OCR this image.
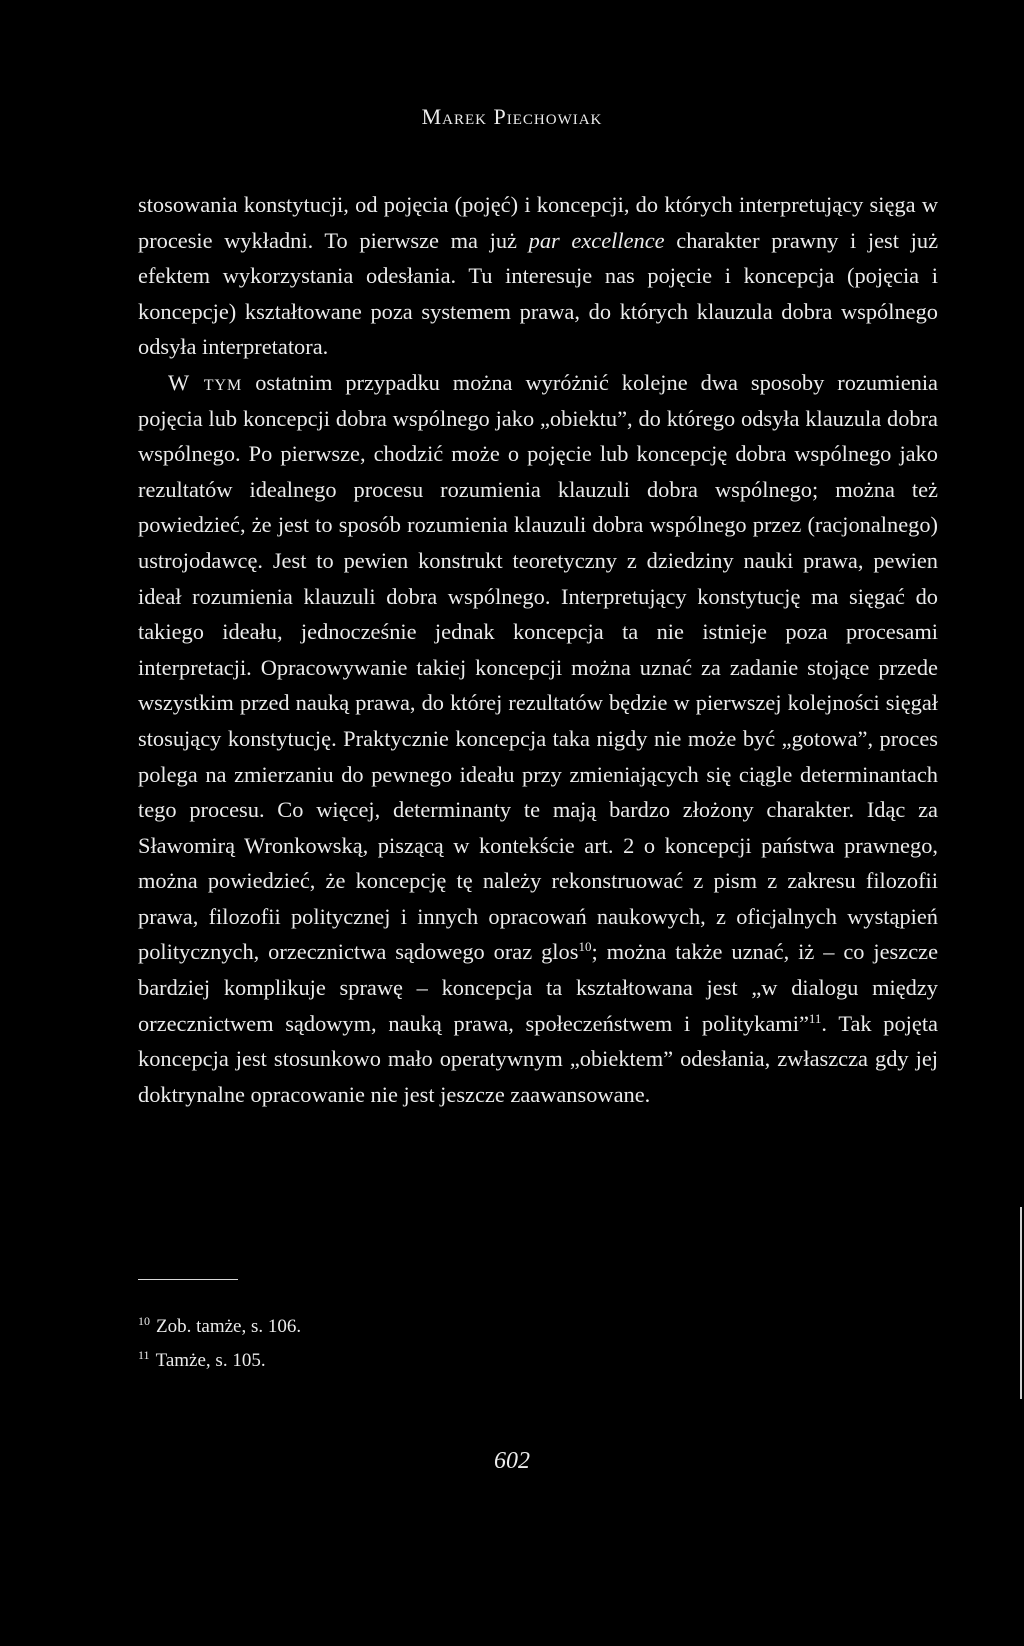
Marek Piechowiak

stosowania konstytucji, od pojęcia (pojęć) i koncepcji, do których interpretujący sięga w procesie wykładni. To pierwsze ma już par excellence charakter prawny i jest już efektem wykorzystania odesłania. Tu interesuje nas pojęcie i koncepcja (pojęcia i koncepcje) kształtowane poza systemem prawa, do których klauzula dobra wspólnego odsyła interpretatora.

W tym ostatnim przypadku można wyróżnić kolejne dwa sposoby rozumienia pojęcia lub koncepcji dobra wspólnego jako „obiektu”, do którego odsyła klauzula dobra wspólnego. Po pierwsze, chodzić może o pojęcie lub koncepcję dobra wspólnego jako rezultatów idealnego procesu rozumienia klauzuli dobra wspólnego; można też powiedzieć, że jest to sposób rozumienia klauzuli dobra wspólnego przez (racjonalnego) ustrojodawcę. Jest to pewien konstrukt teoretyczny z dziedziny nauki prawa, pewien ideał rozumienia klauzuli dobra wspólnego. Interpretujący konstytucję ma sięgać do takiego ideału, jednocześnie jednak koncepcja ta nie istnieje poza procesami interpretacji. Opracowywanie takiej koncepcji można uznać za zadanie stojące przede wszystkim przed nauką prawa, do której rezultatów będzie w pierwszej kolejności sięgał stosujący konstytucję. Praktycznie koncepcja taka nigdy nie może być „gotowa”, proces polega na zmierzaniu do pewnego ideału przy zmieniających się ciągle determinantach tego procesu. Co więcej, determinanty te mają bardzo złożony charakter. Idąc za Sławomirą Wronkowską, piszącą w kontekście art. 2 o koncepcji państwa prawnego, można powiedzieć, że koncepcję tę należy rekonstruować z pism z zakresu filozofii prawa, filozofii politycznej i innych opracowań naukowych, z oficjalnych wystąpień politycznych, orzecznictwa sądowego oraz glos$^{10}$; można także uznać, iż – co jeszcze bardziej komplikuje sprawę – koncepcja ta kształtowana jest „w dialogu między orzecznictwem sądowym, nauką prawa, społeczeństwem i politykami”$^{11}$. Tak pojęta koncepcja jest stosunkowo mało operatywnym „obiektem” odesłania, zwłaszcza gdy jej doktrynalne opracowanie nie jest jeszcze zaawansowane.

$^{10}$ Zob. tamże, s. 106.

$^{11}$ Tamże, s. 105.

602
